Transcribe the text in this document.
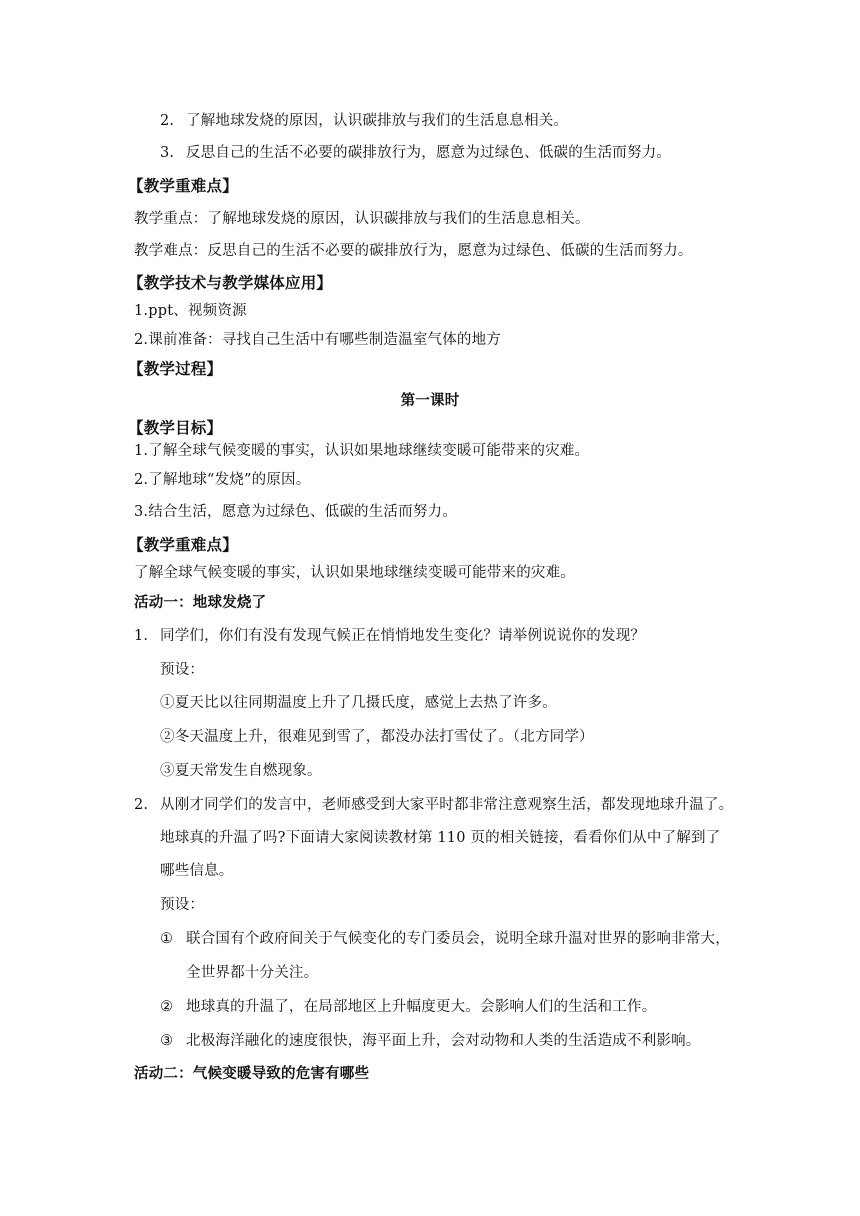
2. 了解地球发烧的原因，认识碳排放与我们的生活息息相关。
3. 反思自己的生活不必要的碳排放行为，愿意为过绿色、低碳的生活而努力。
【教学重难点】
教学重点：了解地球发烧的原因，认识碳排放与我们的生活息息相关。
教学难点：反思自己的生活不必要的碳排放行为，愿意为过绿色、低碳的生活而努力。
【教学技术与教学媒体应用】
1.ppt、视频资源
2.课前准备：寻找自己生活中有哪些制造温室气体的地方
【教学过程】
第一课时
【教学目标】
1.了解全球气候变暖的事实，认识如果地球继续变暖可能带来的灾难。
2.了解地球“发烧”的原因。
3.结合生活，愿意为过绿色、低碳的生活而努力。
【教学重难点】
了解全球气候变暖的事实，认识如果地球继续变暖可能带来的灾难。
活动一：地球发烧了
1. 同学们，你们有没有发现气候正在悄悄地发生变化？请举例说说你的发现？
预设：
①夏天比以往同期温度上升了几摄氏度，感觉上去热了许多。
②冬天温度上升，很难见到雪了，都没办法打雪仗了。（北方同学）
③夏天常发生自燃现象。
2. 从刚才同学们的发言中，老师感受到大家平时都非常注意观察生活，都发现地球升温了。
地球真的升温了吗?下面请大家阅读教材第 110 页的相关链接，看看你们从中了解到了
哪些信息。
预设：
① 联合国有个政府间关于气候变化的专门委员会，说明全球升温对世界的影响非常大，
全世界都十分关注。
② 地球真的升温了，在局部地区上升幅度更大。会影响人们的生活和工作。
③ 北极海洋融化的速度很快，海平面上升，会对动物和人类的生活造成不利影响。
活动二：气候变暖导致的危害有哪些
